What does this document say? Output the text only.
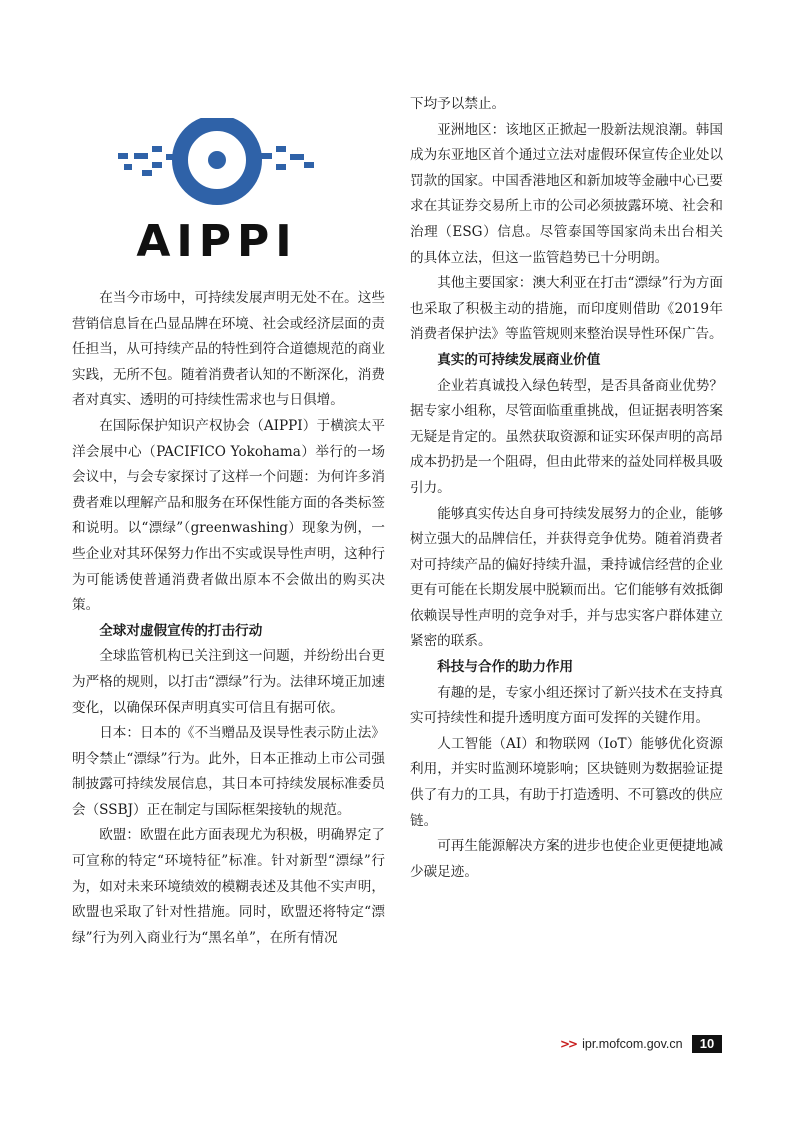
AIPPI

在当今市场中，可持续发展声明无处不在。这些营销信息旨在凸显品牌在环境、社会或经济层面的责任担当，从可持续产品的特性到符合道德规范的商业实践，无所不包。随着消费者认知的不断深化，消费者对真实、透明的可持续性需求也与日俱增。

在国际保护知识产权协会（AIPPI）于横滨太平洋会展中心（PACIFICO Yokohama）举行的一场会议中，与会专家探讨了这样一个问题：为何许多消费者难以理解产品和服务在环保性能方面的各类标签和说明。以“漂绿”（greenwashing）现象为例，一些企业对其环保努力作出不实或误导性声明，这种行为可能诱使普通消费者做出原本不会做出的购买决策。

全球对虚假宣传的打击行动

全球监管机构已关注到这一问题，并纷纷出台更为严格的规则，以打击“漂绿”行为。法律环境正加速变化，以确保环保声明真实可信且有据可依。

日本：日本的《不当赠品及误导性表示防止法》明令禁止“漂绿”行为。此外，日本正推动上市公司强制披露可持续发展信息，其日本可持续发展标准委员会（SSBJ）正在制定与国际框架接轨的规范。

欧盟：欧盟在此方面表现尤为积极，明确界定了可宣称的特定“环境特征”标准。针对新型“漂绿”行为，如对未来环境绩效的模糊表述及其他不实声明，欧盟也采取了针对性措施。同时，欧盟还将特定“漂绿”行为列入商业行为“黑名单”，在所有情况

下均予以禁止。

亚洲地区：该地区正掀起一股新法规浪潮。韩国成为东亚地区首个通过立法对虚假环保宣传企业处以罚款的国家。中国香港地区和新加坡等金融中心已要求在其证券交易所上市的公司必须披露环境、社会和治理（ESG）信息。尽管泰国等国家尚未出台相关的具体立法，但这一监管趋势已十分明朗。

其他主要国家：澳大利亚在打击“漂绿”行为方面也采取了积极主动的措施，而印度则借助《2019年消费者保护法》等监管规则来整治误导性环保广告。

真实的可持续发展商业价值

企业若真诚投入绿色转型，是否具备商业优势？据专家小组称，尽管面临重重挑战，但证据表明答案无疑是肯定的。虽然获取资源和证实环保声明的高昂成本扔扔是一个阻碍，但由此带来的益处同样极具吸引力。

能够真实传达自身可持续发展努力的企业，能够树立强大的品牌信任，并获得竞争优势。随着消费者对可持续产品的偏好持续升温，秉持诚信经营的企业更有可能在长期发展中脱颖而出。它们能够有效抵御依赖误导性声明的竞争对手，并与忠实客户群体建立紧密的联系。

科技与合作的助力作用

有趣的是，专家小组还探讨了新兴技术在支持真实可持续性和提升透明度方面可发挥的关键作用。

人工智能（AI）和物联网（IoT）能够优化资源利用，并实时监测环境影响；区块链则为数据验证提供了有力的工具，有助于打造透明、不可篡改的供应链。

可再生能源解决方案的进步也使企业更便捷地减少碳足迹。

>> ipr.mofcom.gov.cn	10
